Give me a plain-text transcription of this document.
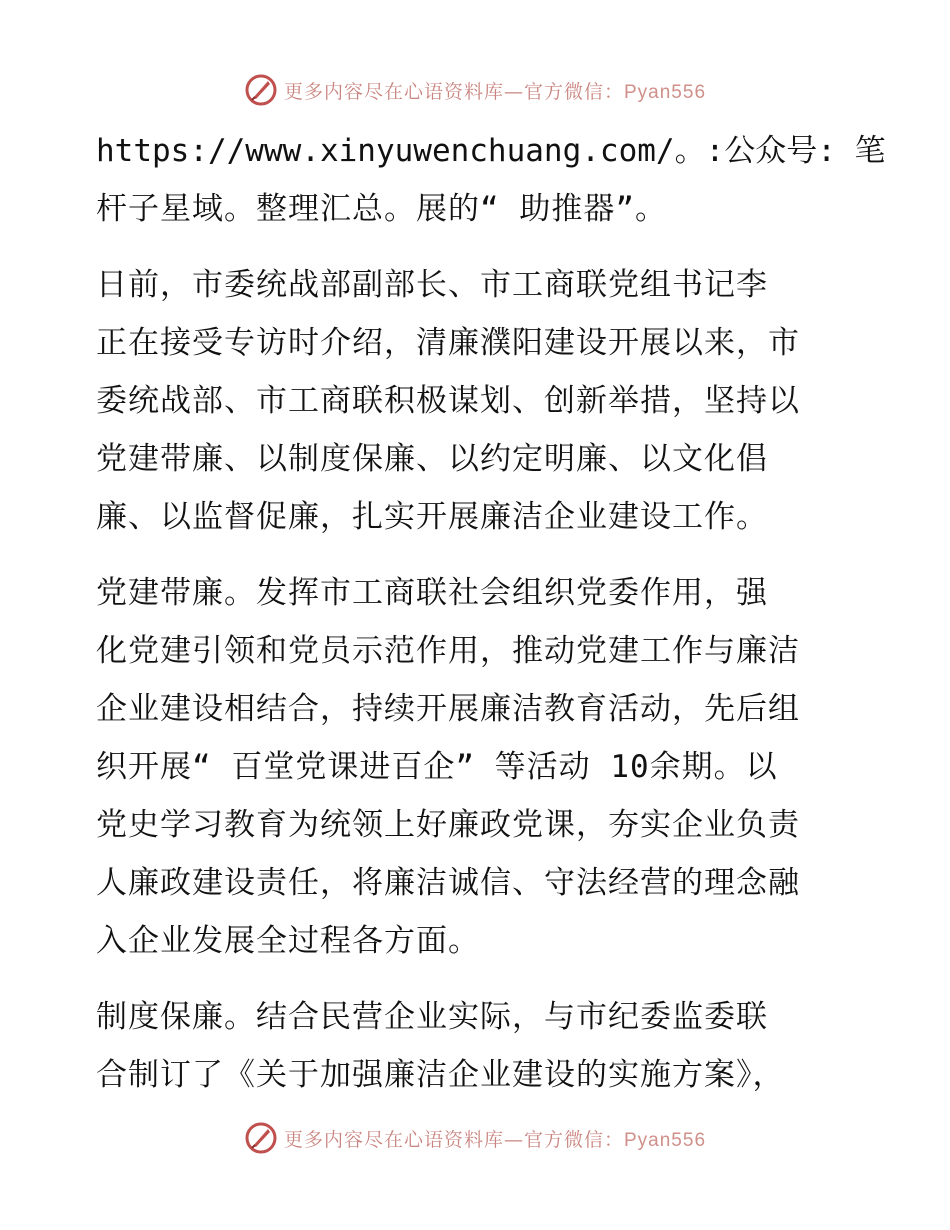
更多内容尽在心语资料库—官方微信：Pyan556
https://www.xinyuwenchuang.com/。:公众号: 笔
杆子星域。整理汇总。展的“ 助推器”。
日前，市委统战部副部长、市工商联党组书记李
正在接受专访时介绍，清廉濮阳建设开展以来，市
委统战部、市工商联积极谋划、创新举措，坚持以
党建带廉、以制度保廉、以约定明廉、以文化倡
廉、以监督促廉，扎实开展廉洁企业建设工作。
党建带廉。发挥市工商联社会组织党委作用，强
化党建引领和党员示范作用，推动党建工作与廉洁
企业建设相结合，持续开展廉洁教育活动，先后组
织开展“ 百堂党课进百企” 等活动 10余期。以
党史学习教育为统领上好廉政党课，夯实企业负责
人廉政建设责任，将廉洁诚信、守法经营的理念融
入企业发展全过程各方面。
制度保廉。结合民营企业实际，与市纪委监委联
合制订了《关于加强廉洁企业建设的实施方案》，
更多内容尽在心语资料库—官方微信：Pyan556
